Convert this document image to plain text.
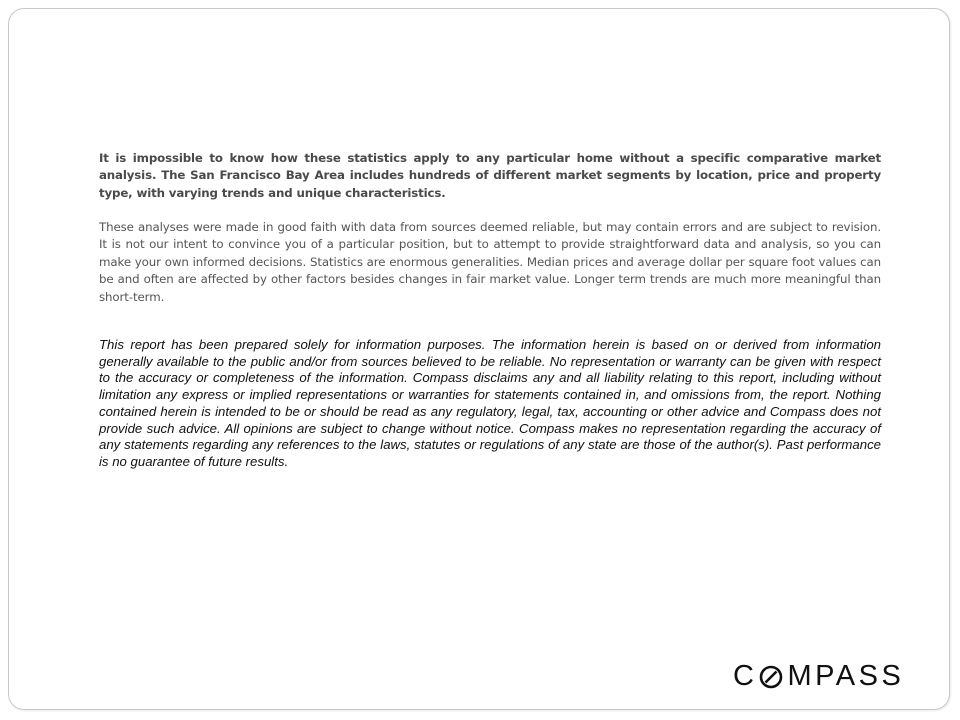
It is impossible to know how these statistics apply to any particular home without a specific comparative market analysis. The San Francisco Bay Area includes hundreds of different market segments by location, price and property type, with varying trends and unique characteristics.
These analyses were made in good faith with data from sources deemed reliable, but may contain errors and are subject to revision. It is not our intent to convince you of a particular position, but to attempt to provide straightforward data and analysis, so you can make your own informed decisions. Statistics are enormous generalities. Median prices and average dollar per square foot values can be and often are affected by other factors besides changes in fair market value. Longer term trends are much more meaningful than short-term.
This report has been prepared solely for information purposes. The information herein is based on or derived from information generally available to the public and/or from sources believed to be reliable. No representation or warranty can be given with respect to the accuracy or completeness of the information. Compass disclaims any and all liability relating to this report, including without limitation any express or implied representations or warranties for statements contained in, and omissions from, the report. Nothing contained herein is intended to be or should be read as any regulatory, legal, tax, accounting or other advice and Compass does not provide such advice. All opinions are subject to change without notice. Compass makes no representation regarding the accuracy of any statements regarding any references to the laws, statutes or regulations of any state are those of the author(s). Past performance is no guarantee of future results.
C MPASS
